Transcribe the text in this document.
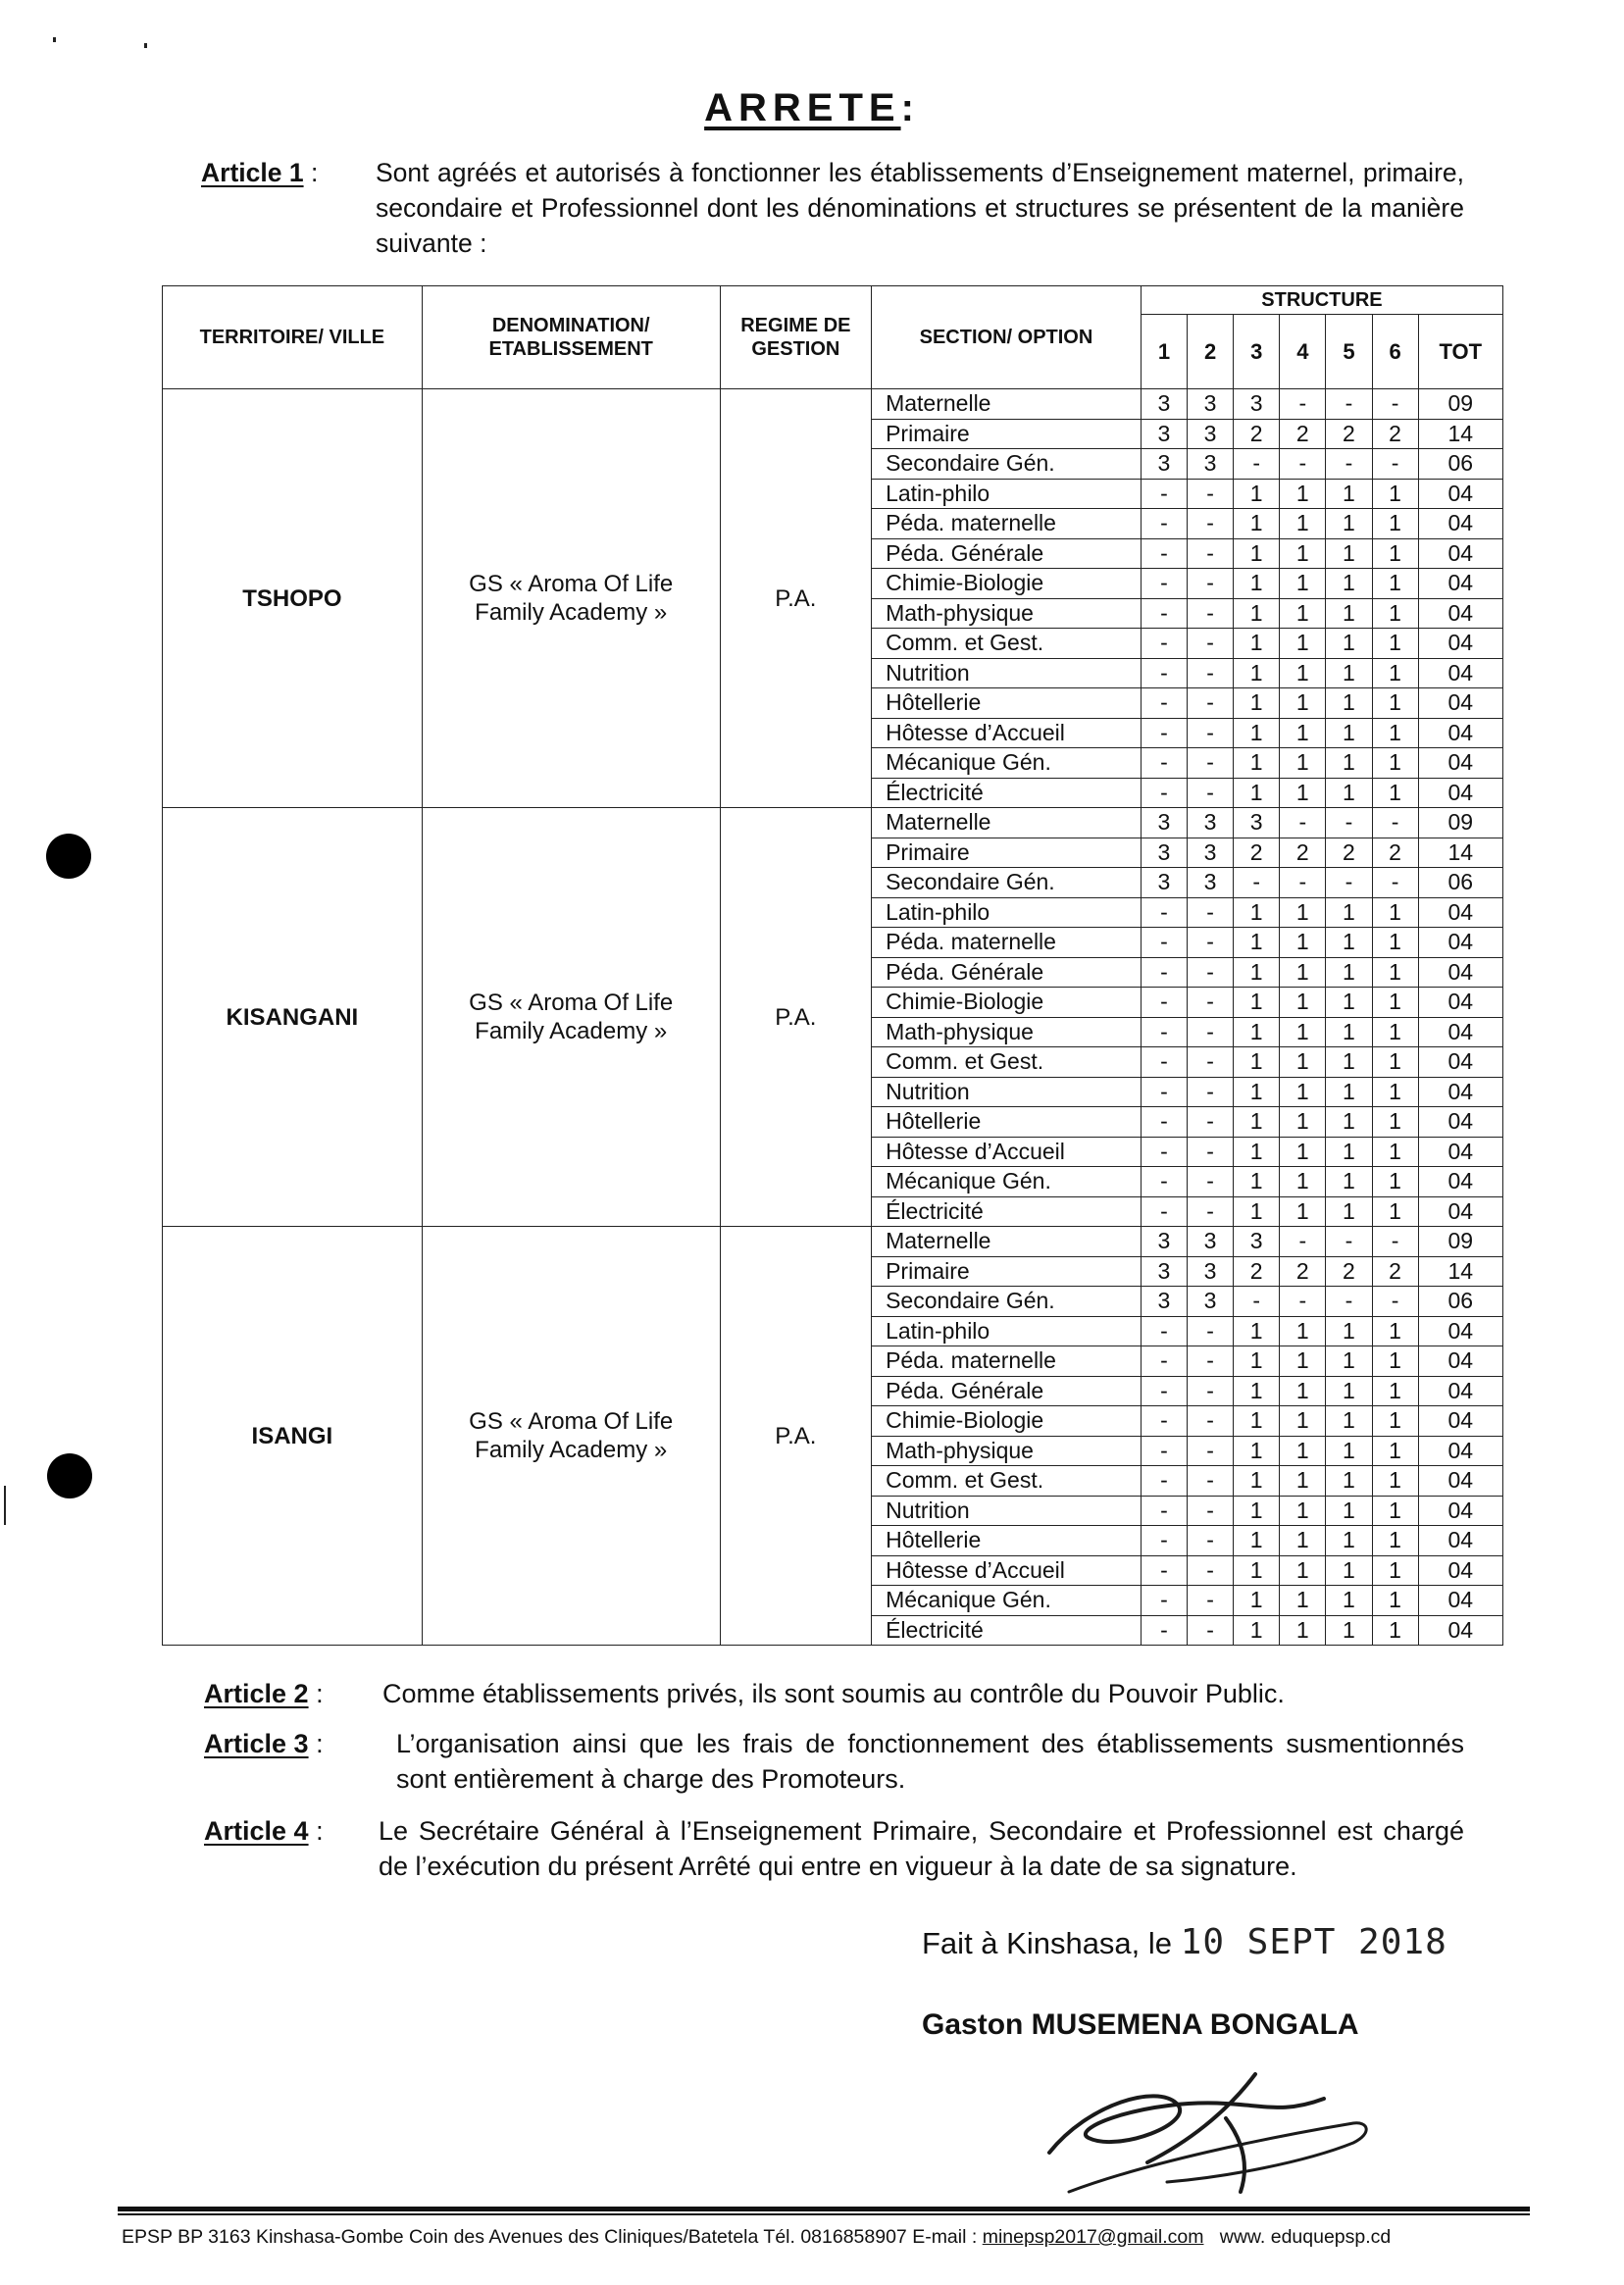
ARRETE:
Article 1 : Sont agréés et autorisés à fonctionner les établissements d’Enseignement maternel, primaire, secondaire et Professionnel dont les dénominations et structures se présentent de la manière suivante :
TERRITOIRE/ VILLE	DENOMINATION/ ETABLISSEMENT	REGIME DE GESTION	SECTION/ OPTION	STRUCTURE						
				1	2	3	4	5	6	TOT
TSHOPO	GS « Aroma Of Life Family Academy »	P.A.	Maternelle	3	3	3	-	-	-	09
			Primaire	3	3	2	2	2	2	14
			Secondaire Gén.	3	3	-	-	-	-	06
			Latin-philo	-	-	1	1	1	1	04
			Péda. maternelle	-	-	1	1	1	1	04
			Péda. Générale	-	-	1	1	1	1	04
			Chimie-Biologie	-	-	1	1	1	1	04
			Math-physique	-	-	1	1	1	1	04
			Comm. et Gest.	-	-	1	1	1	1	04
			Nutrition	-	-	1	1	1	1	04
			Hôtellerie	-	-	1	1	1	1	04
			Hôtesse d’Accueil	-	-	1	1	1	1	04
			Mécanique Gén.	-	-	1	1	1	1	04
			Électricité	-	-	1	1	1	1	04
KISANGANI	GS « Aroma Of Life Family Academy »	P.A.	Maternelle	3	3	3	-	-	-	09
			Primaire	3	3	2	2	2	2	14
			Secondaire Gén.	3	3	-	-	-	-	06
			Latin-philo	-	-	1	1	1	1	04
			Péda. maternelle	-	-	1	1	1	1	04
			Péda. Générale	-	-	1	1	1	1	04
			Chimie-Biologie	-	-	1	1	1	1	04
			Math-physique	-	-	1	1	1	1	04
			Comm. et Gest.	-	-	1	1	1	1	04
			Nutrition	-	-	1	1	1	1	04
			Hôtellerie	-	-	1	1	1	1	04
			Hôtesse d’Accueil	-	-	1	1	1	1	04
			Mécanique Gén.	-	-	1	1	1	1	04
			Électricité	-	-	1	1	1	1	04
ISANGI	GS « Aroma Of Life Family Academy »	P.A.	Maternelle	3	3	3	-	-	-	09
			Primaire	3	3	2	2	2	2	14
			Secondaire Gén.	3	3	-	-	-	-	06
			Latin-philo	-	-	1	1	1	1	04
			Péda. maternelle	-	-	1	1	1	1	04
			Péda. Générale	-	-	1	1	1	1	04
			Chimie-Biologie	-	-	1	1	1	1	04
			Math-physique	-	-	1	1	1	1	04
			Comm. et Gest.	-	-	1	1	1	1	04
			Nutrition	-	-	1	1	1	1	04
			Hôtellerie	-	-	1	1	1	1	04
			Hôtesse d’Accueil	-	-	1	1	1	1	04
			Mécanique Gén.	-	-	1	1	1	1	04
			Électricité	-	-	1	1	1	1	04
Article 2 : Comme établissements privés, ils sont soumis au contrôle du Pouvoir Public.
Article 3 :	L’organisation ainsi que les frais de fonctionnement des établissements susmentionnés sont entièrement à charge des Promoteurs.
Article 4 : Le Secrétaire Général à l’Enseignement Primaire, Secondaire et Professionnel est chargé de l’exécution du présent Arrêté qui entre en vigueur à la date de sa signature.
Fait à Kinshasa, le 10 SEPT 2018
Gaston MUSEMENA BONGALA
EPSP BP 3163 Kinshasa-Gombe Coin des Avenues des Cliniques/Batetela Tél. 0816858907 E-mail : minepsp2017@gmail.com www. eduquepsp.cd
